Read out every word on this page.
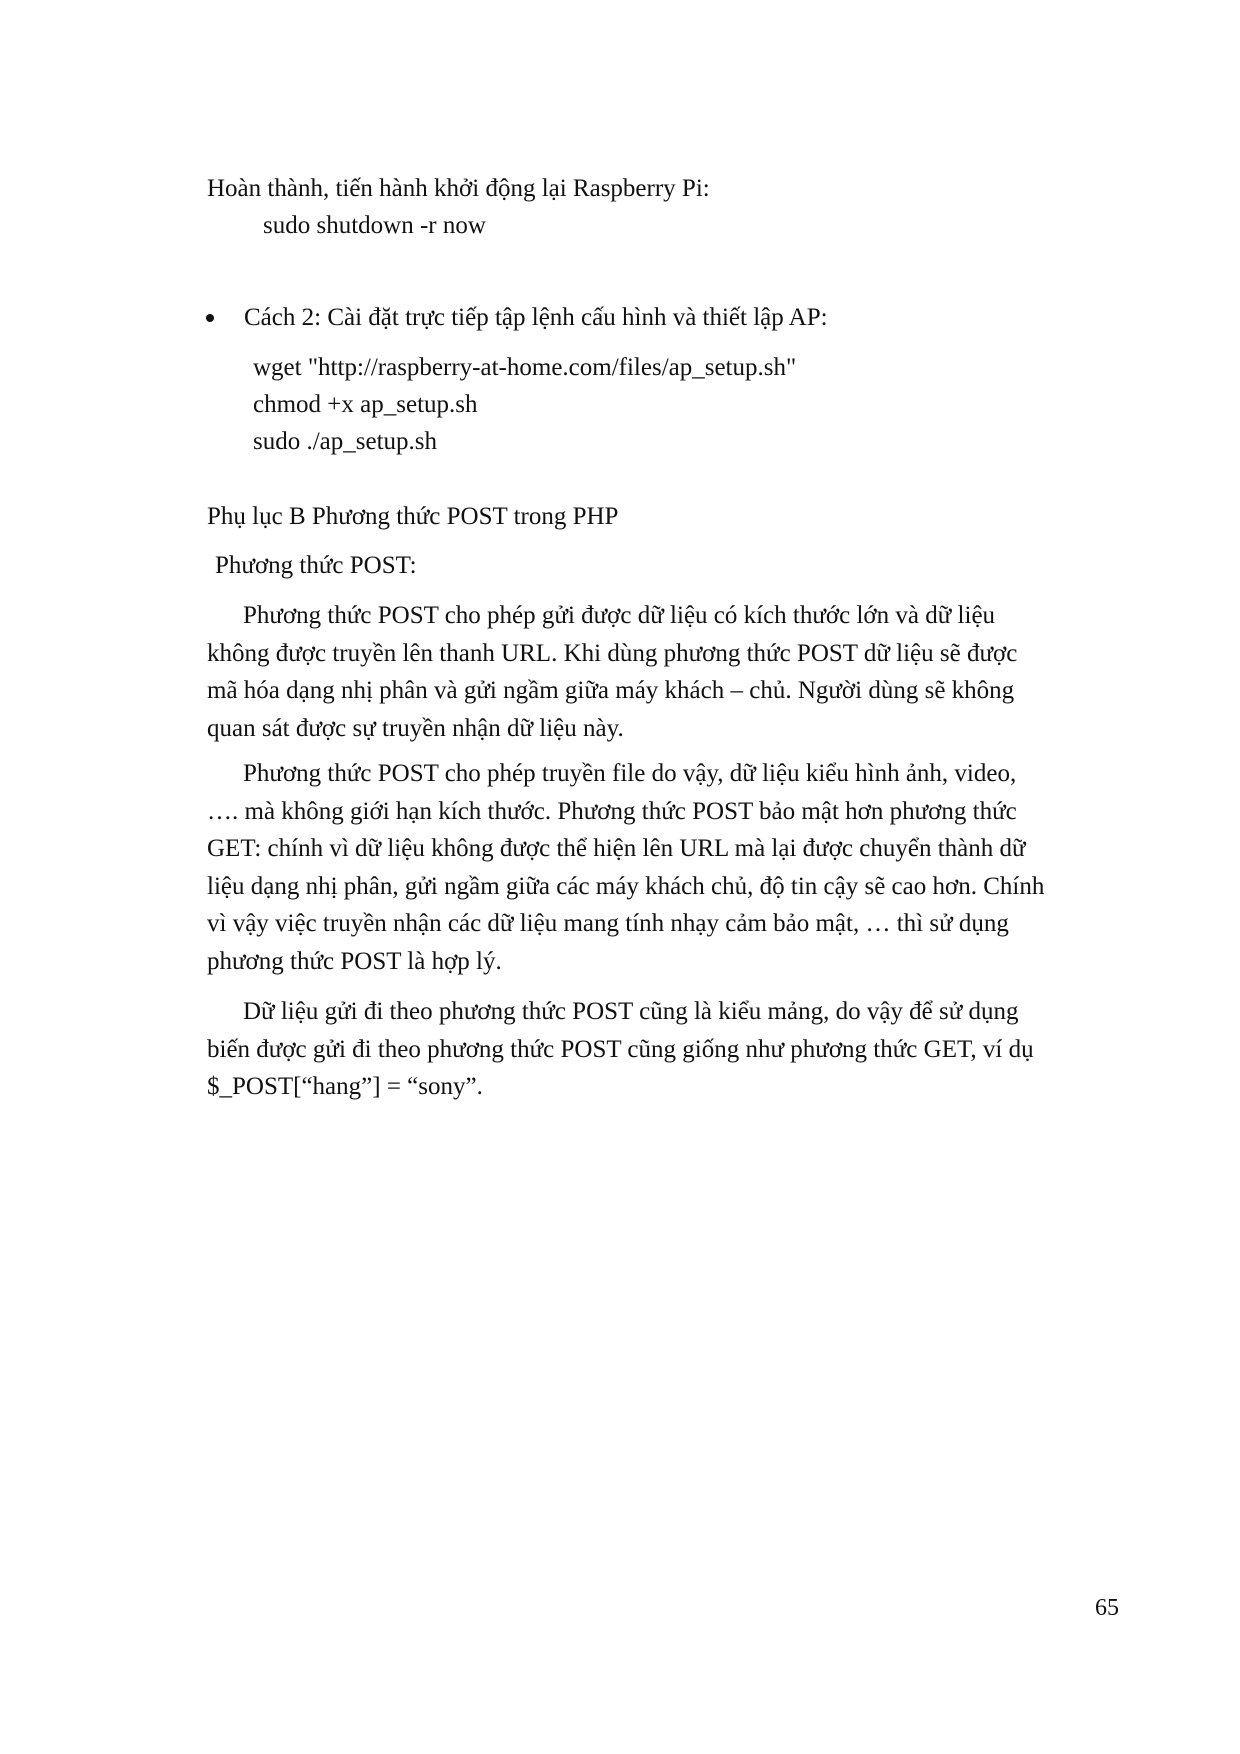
Hoàn thành, tiến hành khởi động lại Raspberry Pi:
sudo shutdown -r now
Cách 2: Cài đặt trực tiếp tập lệnh cấu hình và thiết lập AP:
wget "http://raspberry-at-home.com/files/ap_setup.sh"
chmod +x ap_setup.sh
sudo ./ap_setup.sh
Phụ lục B Phương thức POST trong PHP
Phương thức POST:
Phương thức POST cho phép gửi được dữ liệu có kích thước lớn và dữ liệu
không được truyền lên thanh URL. Khi dùng phương thức POST dữ liệu sẽ được
mã hóa dạng nhị phân và gửi ngầm giữa máy khách – chủ. Người dùng sẽ không
quan sát được sự truyền nhận dữ liệu này.
Phương thức POST cho phép truyền file do vậy, dữ liệu kiểu hình ảnh, video,
…. mà không giới hạn kích thước. Phương thức POST bảo mật hơn phương thức
GET: chính vì dữ liệu không được thể hiện lên URL mà lại được chuyển thành dữ
liệu dạng nhị phân, gửi ngầm giữa các máy khách chủ, độ tin cậy sẽ cao hơn. Chính
vì vậy việc truyền nhận các dữ liệu mang tính nhạy cảm bảo mật, … thì sử dụng
phương thức POST là hợp lý.
Dữ liệu gửi đi theo phương thức POST cũng là kiểu mảng, do vậy để sử dụng
biến được gửi đi theo phương thức POST cũng giống như phương thức GET, ví dụ
$_POST[“hang”] = “sony”.
65
